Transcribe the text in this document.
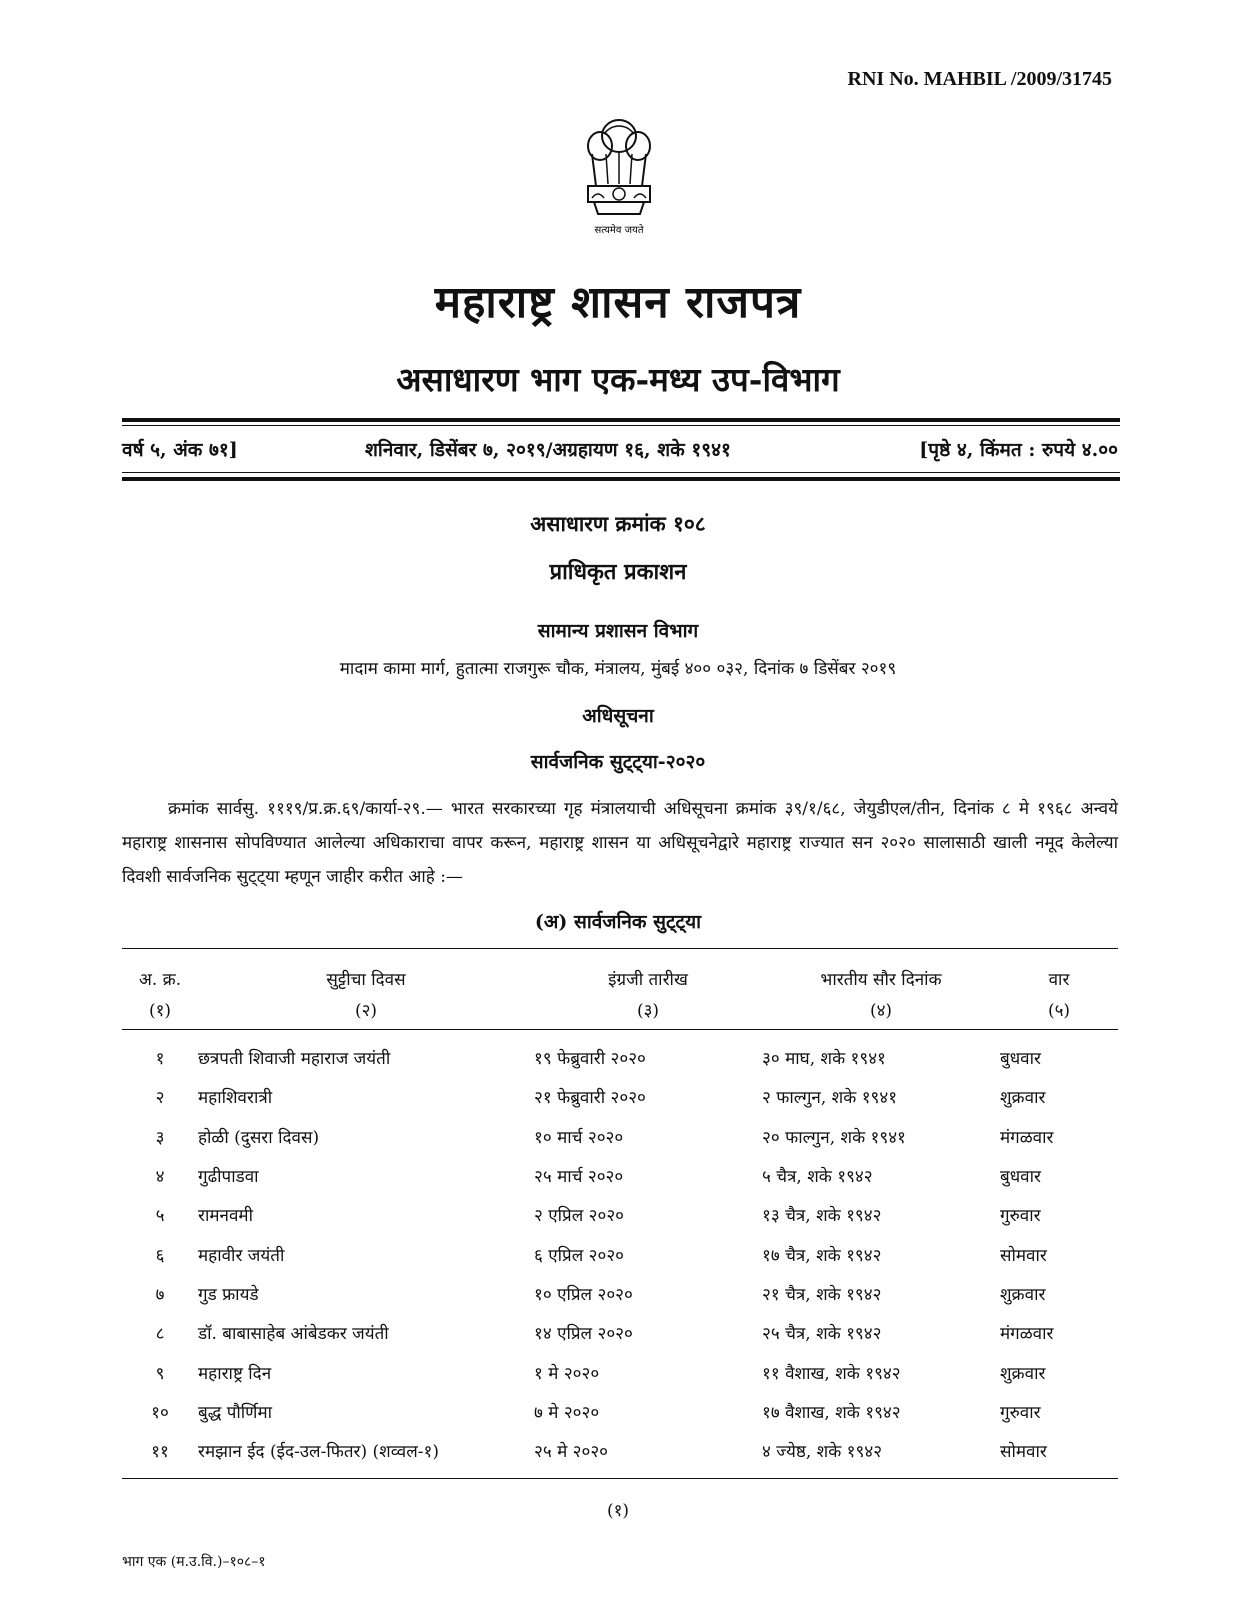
RNI No. MAHBIL /2009/31745
सत्यमेव जयते
महाराष्ट्र शासन राजपत्र
असाधारण भाग एक-मध्य उप-विभाग
वर्ष ५, अंक ७१]	शनिवार, डिसेंबर ७, २०१९/अग्रहायण १६, शके १९४१	[पृष्ठे ४, किंमत : रुपये ४.००
असाधारण क्रमांक १०८
प्राधिकृत प्रकाशन
सामान्य प्रशासन विभाग
मादाम कामा मार्ग, हुतात्मा राजगुरू चौक, मंत्रालय, मुंबई ४०० ०३२, दिनांक ७ डिसेंबर २०१९
अधिसूचना
सार्वजनिक सुट्ट्या-२०२०
क्रमांक सार्वसु. १११९/प्र.क्र.६९/कार्या-२९.— भारत सरकारच्या गृह मंत्रालयाची अधिसूचना क्रमांक ३९/१/६८, जेयुडीएल/तीन, दिनांक ८ मे १९६८ अन्वये महाराष्ट्र शासनास सोपविण्यात आलेल्या अधिकाराचा वापर करून, महाराष्ट्र शासन या अधिसूचनेद्वारे महाराष्ट्र राज्यात सन २०२० सालासाठी खाली नमूद केलेल्या दिवशी सार्वजनिक सुट्ट्या म्हणून जाहीर करीत आहे :—
(अ) सार्वजनिक सुट्ट्या
अ. क्र.	सुट्टीचा दिवस	इंग्रजी तारीख	भारतीय सौर दिनांक	वार
(१)	(२)	(३)	(४)	(५)
१	छत्रपती शिवाजी महाराज जयंती	१९ फेब्रुवारी २०२०	३० माघ, शके १९४१	बुधवार
२	महाशिवरात्री	२१ फेब्रुवारी २०२०	२ फाल्गुन, शके १९४१	शुक्रवार
३	होळी (दुसरा दिवस)	१० मार्च २०२०	२० फाल्गुन, शके १९४१	मंगळवार
४	गुढीपाडवा	२५ मार्च २०२०	५ चैत्र, शके १९४२	बुधवार
५	रामनवमी	२ एप्रिल २०२०	१३ चैत्र, शके १९४२	गुरुवार
६	महावीर जयंती	६ एप्रिल २०२०	१७ चैत्र, शके १९४२	सोमवार
७	गुड फ्रायडे	१० एप्रिल २०२०	२१ चैत्र, शके १९४२	शुक्रवार
८	डॉ. बाबासाहेब आंबेडकर जयंती	१४ एप्रिल २०२०	२५ चैत्र, शके १९४२	मंगळवार
९	महाराष्ट्र दिन	१ मे २०२०	११ वैशाख, शके १९४२	शुक्रवार
१०	बुद्ध पौर्णिमा	७ मे २०२०	१७ वैशाख, शके १९४२	गुरुवार
११	रमझान ईद (ईद-उल-फितर) (शव्वल-१)	२५ मे २०२०	४ ज्येष्ठ, शके १९४२	सोमवार
(१)
भाग एक (म.उ.वि.)–१०८–१
